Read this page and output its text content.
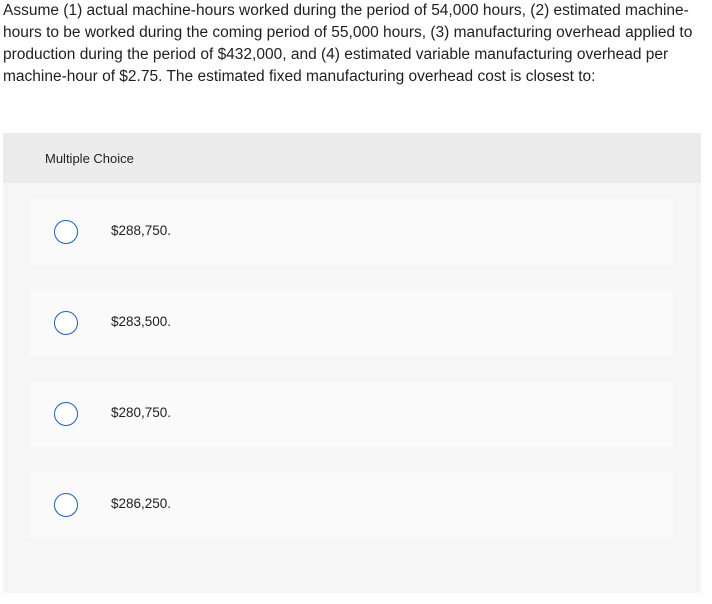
Assume (1) actual machine-hours worked during the period of 54,000 hours, (2) estimated machine-hours to be worked during the coming period of 55,000 hours, (3) manufacturing overhead applied to production during the period of $432,000, and (4) estimated variable manufacturing overhead per machine-hour of $2.75. The estimated fixed manufacturing overhead cost is closest to:

Multiple Choice
$288,750.
$283,500.
$280,750.
$286,250.
